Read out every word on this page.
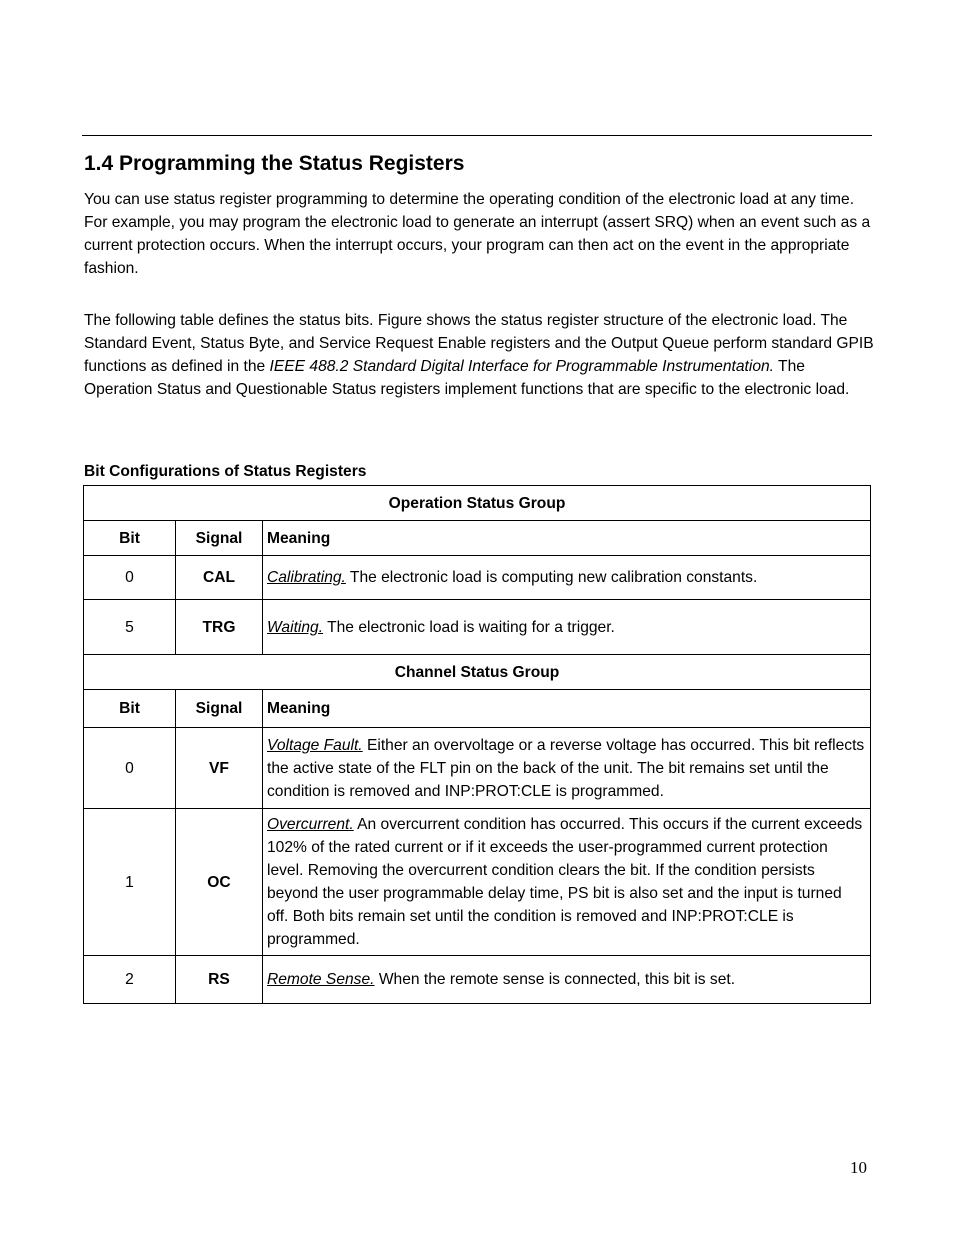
1.4 Programming the Status Registers

You can use status register programming to determine the operating condition of the electronic load at any time. For example, you may program the electronic load to generate an interrupt (assert SRQ) when an event such as a current protection occurs. When the interrupt occurs, your program can then act on the event in the appropriate fashion.

The following table defines the status bits. Figure shows the status register structure of the electronic load. The Standard Event, Status Byte, and Service Request Enable registers and the Output Queue perform standard GPIB functions as defined in the IEEE 488.2 Standard Digital Interface for Programmable Instrumentation. The Operation Status and Questionable Status registers implement functions that are specific to the electronic load.

Bit Configurations of Status Registers
Operation Status Group		
Bit	Signal	Meaning
0	CAL	Calibrating. The electronic load is computing new calibration constants.
5	TRG	Waiting. The electronic load is waiting for a trigger.
Channel Status Group		
Bit	Signal	Meaning
0	VF	Voltage Fault. Either an overvoltage or a reverse voltage has occurred. This bit reflects the active state of the FLT pin on the back of the unit. The bit remains set until the condition is removed and INP:PROT:CLE is programmed.
1	OC	Overcurrent. An overcurrent condition has occurred. This occurs if the current exceeds 102% of the rated current or if it exceeds the user-programmed current protection level. Removing the overcurrent condition clears the bit. If the condition persists beyond the user programmable delay time, PS bit is also set and the input is turned off. Both bits remain set until the condition is removed and INP:PROT:CLE is programmed.
2	RS	Remote Sense. When the remote sense is connected, this bit is set.
10
